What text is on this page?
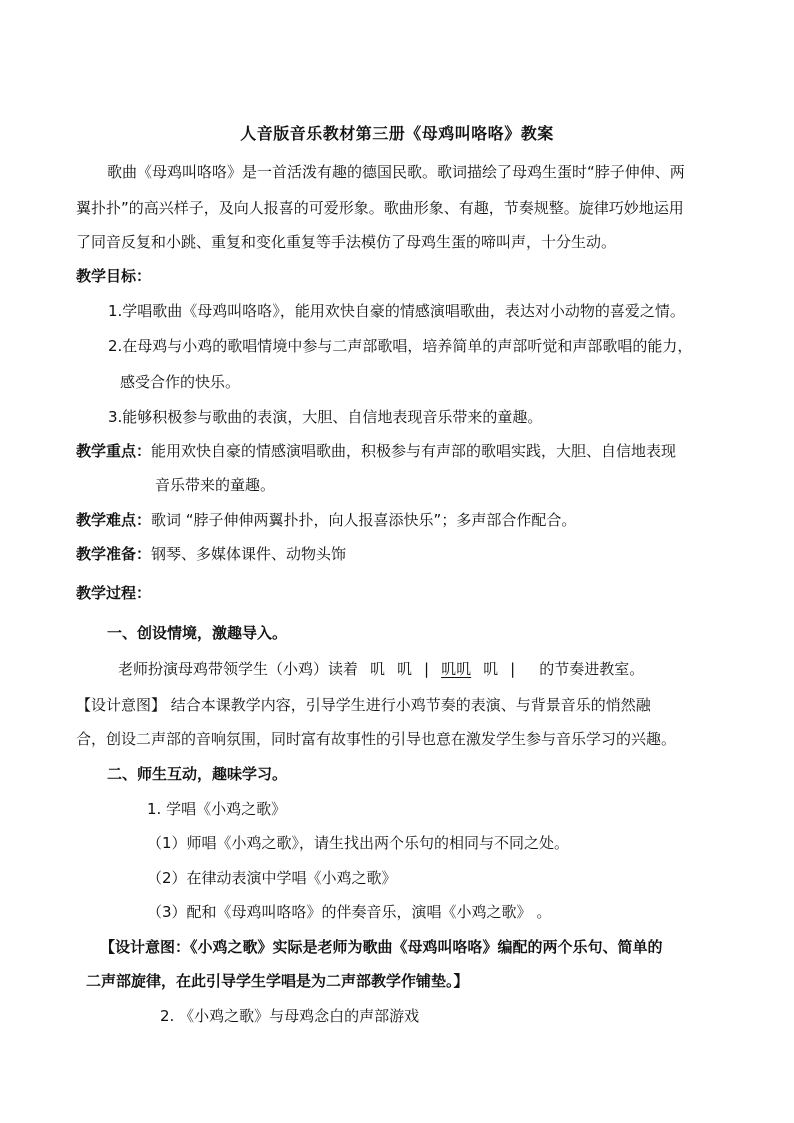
人音版音乐教材第三册《母鸡叫咯咯》教案
歌曲《母鸡叫咯咯》是一首活泼有趣的德国民歌。歌词描绘了母鸡生蛋时“脖子伸伸、两
翼扑扑”的高兴样子，及向人报喜的可爱形象。歌曲形象、有趣，节奏规整。旋律巧妙地运用
了同音反复和小跳、重复和变化重复等手法模仿了母鸡生蛋的啼叫声，十分生动。
教学目标：
1.学唱歌曲《母鸡叫咯咯》，能用欢快自豪的情感演唱歌曲，表达对小动物的喜爱之情。
2.在母鸡与小鸡的歌唱情境中参与二声部歌唱，培养简单的声部听觉和声部歌唱的能力，
感受合作的快乐。
3.能够积极参与歌曲的表演，大胆、自信地表现音乐带来的童趣。
教学重点：能用欢快自豪的情感演唱歌曲，积极参与有声部的歌唱实践，大胆、自信地表现
音乐带来的童趣。
教学难点：歌词 “脖子伸伸两翼扑扑，向人报喜添快乐”；多声部合作配合。
教学准备：钢琴、多媒体课件、动物头饰
教学过程：
一、创设情境，激趣导入。
老师扮演母鸡带领学生（小鸡）读着 叽 叽 | 叽叽 叽 | 的节奏进教室。
【设计意图】 结合本课教学内容，引导学生进行小鸡节奏的表演、与背景音乐的悄然融
合，创设二声部的音响氛围，同时富有故事性的引导也意在激发学生参与音乐学习的兴趣。
二、师生互动，趣味学习。
1. 学唱《小鸡之歌》
（1）师唱《小鸡之歌》，请生找出两个乐句的相同与不同之处。
（2）在律动表演中学唱《小鸡之歌》
（3）配和《母鸡叫咯咯》的伴奏音乐，演唱《小鸡之歌》 。
【设计意图：《小鸡之歌》实际是老师为歌曲《母鸡叫咯咯》编配的两个乐句、简单的
二声部旋律，在此引导学生学唱是为二声部教学作铺垫。】
2. 《小鸡之歌》与母鸡念白的声部游戏
